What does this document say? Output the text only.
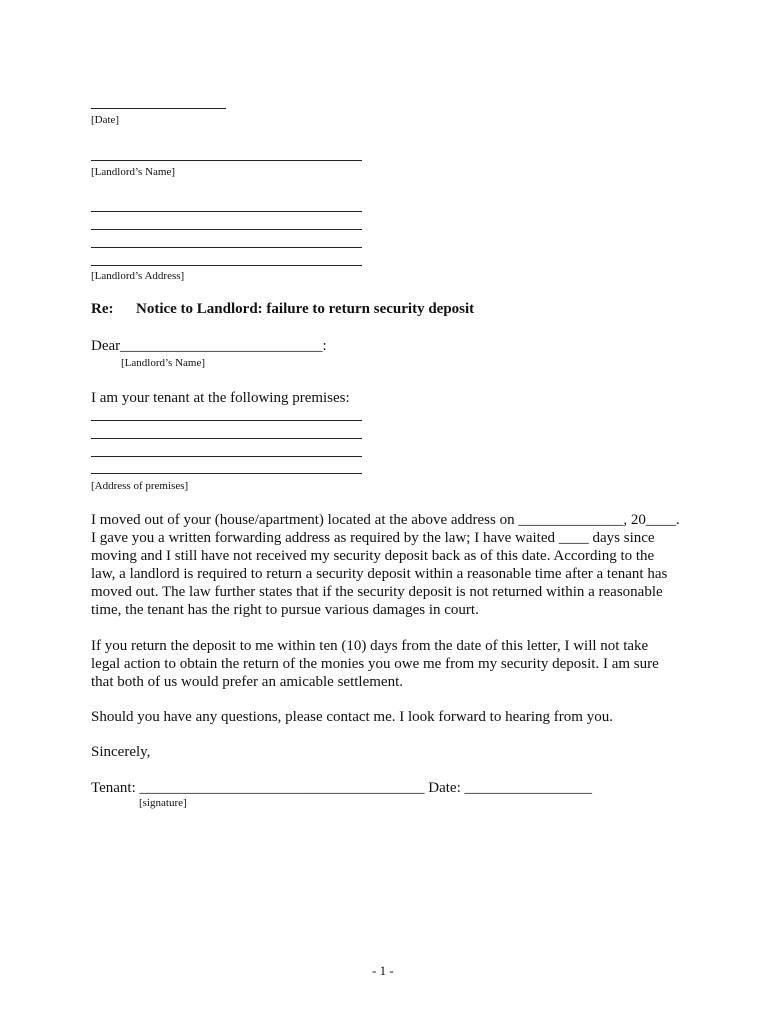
[Date]
[Landlord’s Name]
[Landlord’s Address]
Re: Notice to Landlord: failure to return security deposit
Dear ___________________________:
[Landlord’s Name]
I am your tenant at the following premises:
[Address of premises]
I moved out of your (house/apartment) located at the above address on ______________, 20____.
I gave you a written forwarding address as required by the law; I have waited ____ days since
moving and I still have not received my security deposit back as of this date. According to the
law, a landlord is required to return a security deposit within a reasonable time after a tenant has
moved out. The law further states that if the security deposit is not returned within a reasonable
time, the tenant has the right to pursue various damages in court.
If you return the deposit to me within ten (10) days from the date of this letter, I will not take
legal action to obtain the return of the monies you owe me from my security deposit. I am sure
that both of us would prefer an amicable settlement.
Should you have any questions, please contact me. I look forward to hearing from you.
Sincerely,
Tenant: ______________________________________ Date: _________________
[signature]
- 1 -
